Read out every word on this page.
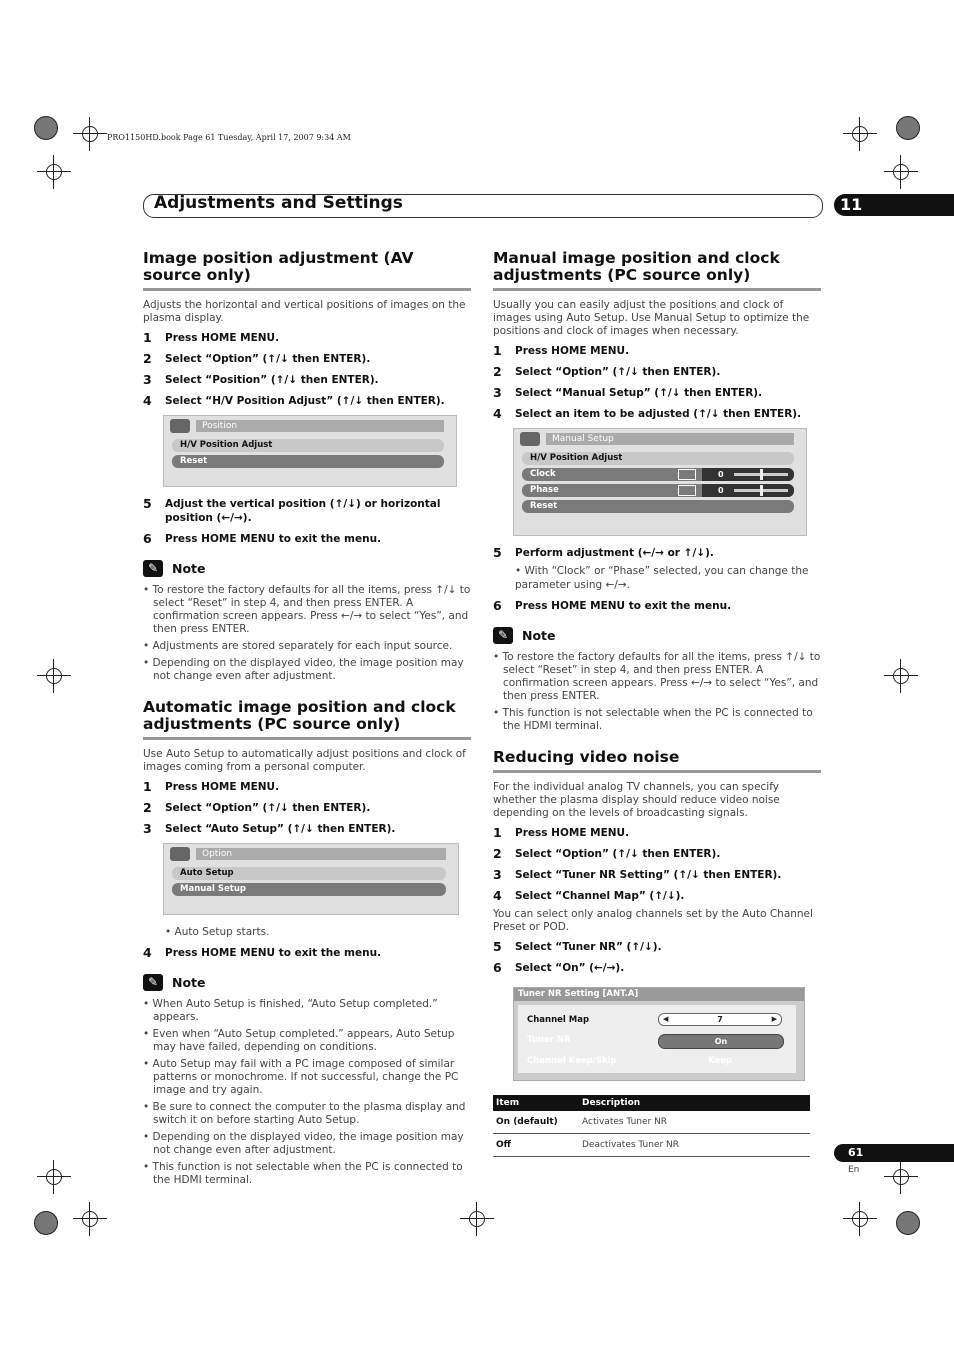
PRO1150HD.book Page 61 Tuesday, April 17, 2007 9:34 AM
Adjustments and Settings	11
Image position adjustment (AV source only)

Adjusts the horizontal and vertical positions of images on the plasma display.

1	Press HOME MENU.
2	Select “Option” (↑/↓ then ENTER).
3	Select “Position” (↑/↓ then ENTER).
4	Select “H/V Position Adjust” (↑/↓ then ENTER).
Position
H/V Position Adjust
Reset
5	Adjust the vertical position (↑/↓) or horizontal position (←/→).
6	Press HOME MENU to exit the menu.
✎	Note
• To restore the factory defaults for all the items, press ↑/↓ to select “Reset” in step 4, and then press ENTER. A confirmation screen appears. Press ←/→ to select “Yes”, and then press ENTER.
• Adjustments are stored separately for each input source.
• Depending on the displayed video, the image position may not change even after adjustment.
Automatic image position and clock adjustments (PC source only)

Use Auto Setup to automatically adjust positions and clock of images coming from a personal computer.

1	Press HOME MENU.
2	Select “Option” (↑/↓ then ENTER).
3	Select “Auto Setup” (↑/↓ then ENTER).
Option
Auto Setup
Manual Setup
• Auto Setup starts.
4	Press HOME MENU to exit the menu.
✎	Note
• When Auto Setup is finished, “Auto Setup completed.” appears.
• Even when “Auto Setup completed.” appears, Auto Setup may have failed, depending on conditions.
• Auto Setup may fail with a PC image composed of similar patterns or monochrome. If not successful, change the PC image and try again.
• Be sure to connect the computer to the plasma display and switch it on before starting Auto Setup.
• Depending on the displayed video, the image position may not change even after adjustment.
• This function is not selectable when the PC is connected to the HDMI terminal.
Manual image position and clock adjustments (PC source only)

Usually you can easily adjust the positions and clock of images using Auto Setup. Use Manual Setup to optimize the positions and clock of images when necessary.

1	Press HOME MENU.
2	Select “Option” (↑/↓ then ENTER).
3	Select “Manual Setup” (↑/↓ then ENTER).
4	Select an item to be adjusted (↑/↓ then ENTER).
Manual Setup
H/V Position Adjust
Clock	0
Phase	0
Reset
5	Perform adjustment (←/→ or ↑/↓).
• With “Clock” or “Phase” selected, you can change the parameter using ←/→.
6	Press HOME MENU to exit the menu.
✎	Note
• To restore the factory defaults for all the items, press ↑/↓ to select “Reset” in step 4, and then press ENTER. A confirmation screen appears. Press ←/→ to select “Yes”, and then press ENTER.
• This function is not selectable when the PC is connected to the HDMI terminal.
Reducing video noise

For the individual analog TV channels, you can specify whether the plasma display should reduce video noise depending on the levels of broadcasting signals.

1	Press HOME MENU.
2	Select “Option” (↑/↓ then ENTER).
3	Select “Tuner NR Setting” (↑/↓ then ENTER).
4	Select “Channel Map” (↑/↓).

You can select only analog channels set by the Auto Channel Preset or POD.

5	Select “Tuner NR” (↑/↓).
6	Select “On” (←/→).
Tuner NR Setting [ANT.A]
Channel Map	◀	7	▶
Tuner NR	On
Channel Keep/Skip	Keep
Item	Description
On (default)	Activates Tuner NR
Off	Deactivates Tuner NR
61
En
